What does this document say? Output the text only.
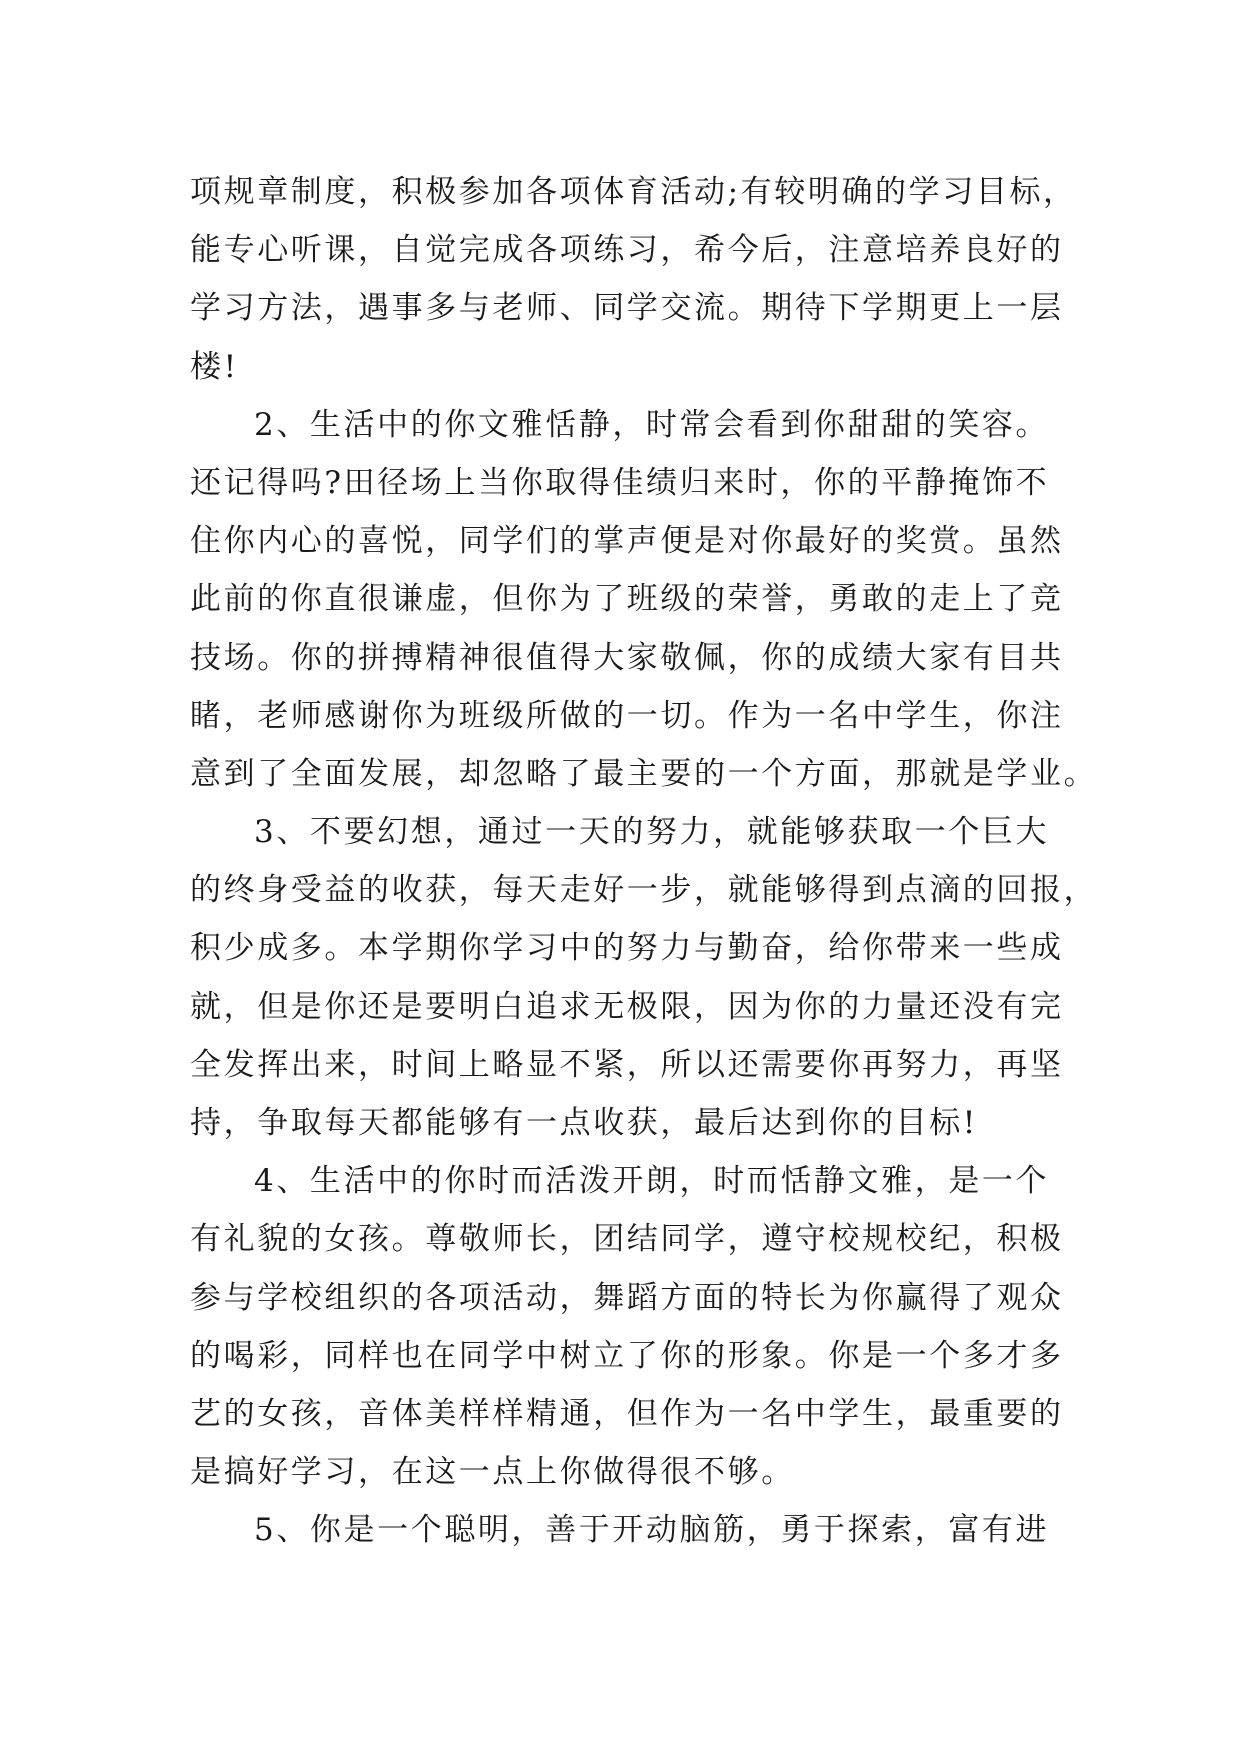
项规章制度，积极参加各项体育活动;有较明确的学习目标，
能专心听课，自觉完成各项练习，希今后，注意培养良好的
学习方法，遇事多与老师、同学交流。期待下学期更上一层
楼!
2、生活中的你文雅恬静，时常会看到你甜甜的笑容。
还记得吗?田径场上当你取得佳绩归来时，你的平静掩饰不
住你内心的喜悦，同学们的掌声便是对你最好的奖赏。虽然
此前的你直很谦虚，但你为了班级的荣誉，勇敢的走上了竞
技场。你的拼搏精神很值得大家敬佩，你的成绩大家有目共
睹，老师感谢你为班级所做的一切。作为一名中学生，你注
意到了全面发展，却忽略了最主要的一个方面，那就是学业。
3、不要幻想，通过一天的努力，就能够获取一个巨大
的终身受益的收获，每天走好一步，就能够得到点滴的回报，
积少成多。本学期你学习中的努力与勤奋，给你带来一些成
就，但是你还是要明白追求无极限，因为你的力量还没有完
全发挥出来，时间上略显不紧，所以还需要你再努力，再坚
持，争取每天都能够有一点收获，最后达到你的目标!
4、生活中的你时而活泼开朗，时而恬静文雅，是一个
有礼貌的女孩。尊敬师长，团结同学，遵守校规校纪，积极
参与学校组织的各项活动，舞蹈方面的特长为你赢得了观众
的喝彩，同样也在同学中树立了你的形象。你是一个多才多
艺的女孩，音体美样样精通，但作为一名中学生，最重要的
是搞好学习，在这一点上你做得很不够。
5、你是一个聪明，善于开动脑筋，勇于探索，富有进
